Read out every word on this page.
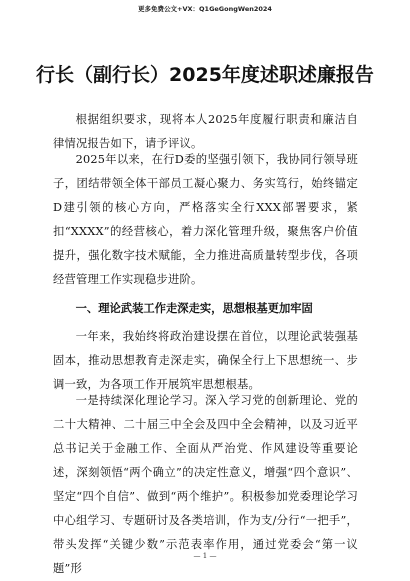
更多免费公文+VX：Q1GeGongWen2024
行长（副行长）2025年度述职述廉报告

根据组织要求，现将本人2025年度履行职责和廉洁自律情况报告如下，请予评议。

2025年以来，在行D委的坚强引领下，我协同行领导班子，团结带领全体干部员工凝心聚力、务实笃行，始终锚定D建引领的核心方向，严格落实全行XXX部署要求，紧扣“XXXX”的经营核心，着力深化管理升级，聚焦客户价值提升，强化数字技术赋能，全力推进高质量转型步伐，各项经营管理工作实现稳步进阶。

一、理论武装工作走深走实，思想根基更加牢固

一年来，我始终将政治建设摆在首位，以理论武装强基固本，推动思想教育走深走实，确保全行上下思想统一、步调一致，为各项工作开展筑牢思想根基。

一是持续深化理论学习。深入学习党的创新理论、党的二十大精神、二十届三中全会及四中全会精神，以及习近平总书记关于金融工作、全面从严治党、作风建设等重要论述，深刻领悟“两个确立”的决定性意义，增强“四个意识”、坚定“四个自信”、做到“两个维护”。积极参加党委理论学习中心组学习、专题研讨及各类培训，作为支/分行“一把手”，带头发挥“关键少数”示范表率作用，通过党委会“第一议题”形

— 1 —
